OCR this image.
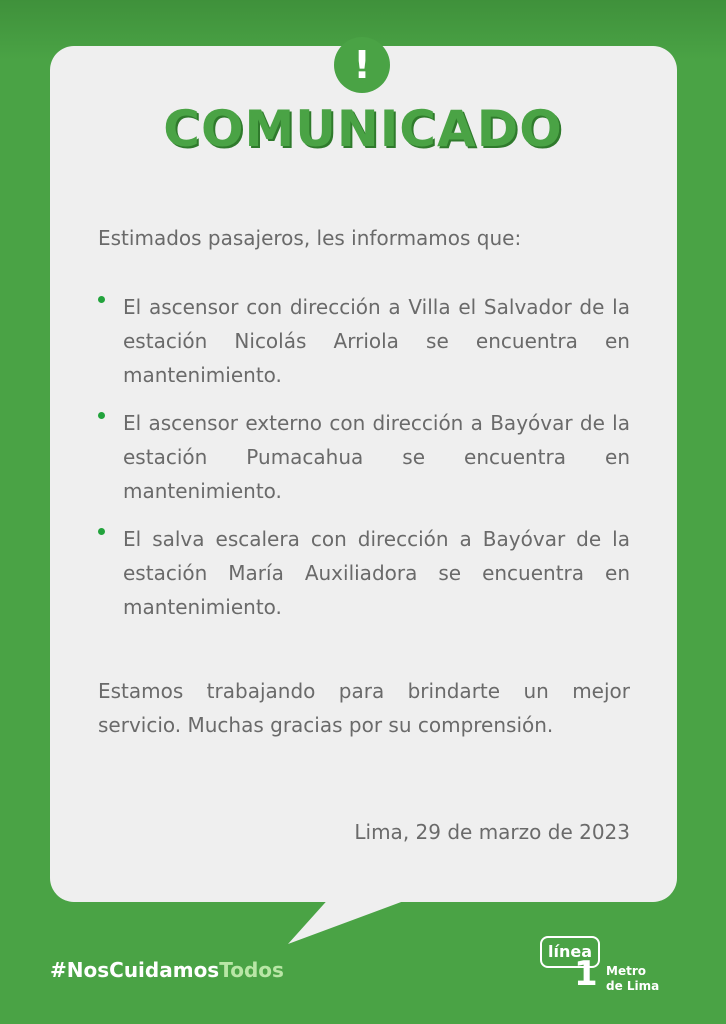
!
COMUNICADO
Estimados pasajeros, les informamos que:
El ascensor con dirección a Villa el Salvador de la estación Nicolás Arriola se encuentra en mantenimiento.
El ascensor externo con dirección a Bayóvar de la estación Pumacahua se encuentra en mantenimiento.
El salva escalera con dirección a Bayóvar de la estación María Auxiliadora se encuentra en mantenimiento.
Estamos trabajando para brindarte un mejor servicio. Muchas gracias por su comprensión.
Lima, 29 de marzo de 2023
#NosCuidamosTodos
línea
1 Metro
de Lima
